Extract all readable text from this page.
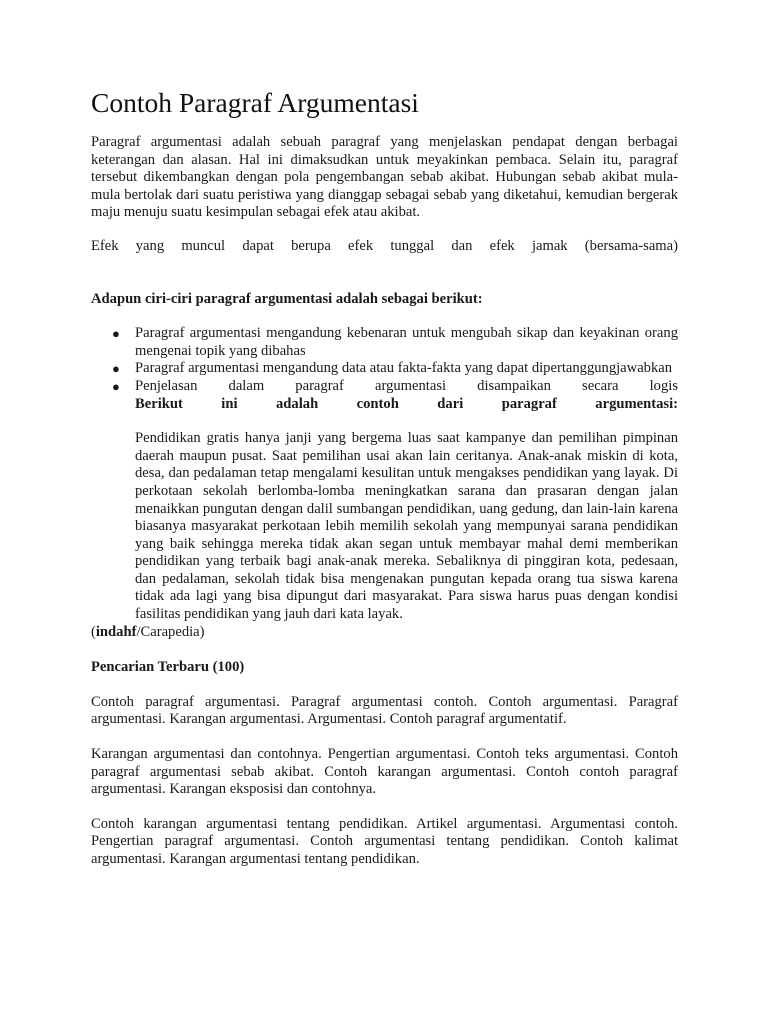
Contoh Paragraf Argumentasi

Paragraf argumentasi adalah sebuah paragraf yang menjelaskan pendapat dengan berbagai keterangan dan alasan. Hal ini dimaksudkan untuk meyakinkan pembaca. Selain itu, paragraf tersebut dikembangkan dengan pola pengembangan sebab akibat. Hubungan sebab akibat mula-mula bertolak dari suatu peristiwa yang dianggap sebagai sebab yang diketahui, kemudian bergerak maju menuju suatu kesimpulan sebagai efek atau akibat.

Efek yang muncul dapat berupa efek tunggal dan efek jamak (bersama-sama)

Adapun ciri-ciri paragraf argumentasi adalah sebagai berikut:

● Paragraf argumentasi mengandung kebenaran untuk mengubah sikap dan keyakinan orang mengenai topik yang dibahas
● Paragraf argumentasi mengandung data atau fakta-fakta yang dapat dipertanggungjawabkan
● Penjelasan dalam paragraf argumentasi disampaikan secara logis
Berikut ini adalah contoh dari paragraf argumentasi:

Pendidikan gratis hanya janji yang bergema luas saat kampanye dan pemilihan pimpinan daerah maupun pusat. Saat pemilihan usai akan lain ceritanya. Anak-anak miskin di kota, desa, dan pedalaman tetap mengalami kesulitan untuk mengakses pendidikan yang layak. Di perkotaan sekolah berlomba-lomba meningkatkan sarana dan prasaran dengan jalan menaikkan pungutan dengan dalil sumbangan pendidikan, uang gedung, dan lain-lain karena biasanya masyarakat perkotaan lebih memilih sekolah yang mempunyai sarana pendidikan yang baik sehingga mereka tidak akan segan untuk membayar mahal demi memberikan pendidikan yang terbaik bagi anak-anak mereka. Sebaliknya di pinggiran kota, pedesaan, dan pedalaman, sekolah tidak bisa mengenakan pungutan kepada orang tua siswa karena tidak ada lagi yang bisa dipungut dari masyarakat. Para siswa harus puas dengan kondisi fasilitas pendidikan yang jauh dari kata layak.

(indahf/Carapedia)

Pencarian Terbaru (100)

Contoh paragraf argumentasi. Paragraf argumentasi contoh. Contoh argumentasi. Paragraf argumentasi. Karangan argumentasi. Argumentasi. Contoh paragraf argumentatif.

Karangan argumentasi dan contohnya. Pengertian argumentasi. Contoh teks argumentasi. Contoh paragraf argumentasi sebab akibat. Contoh karangan argumentasi. Contoh contoh paragraf argumentasi. Karangan eksposisi dan contohnya.

Contoh karangan argumentasi tentang pendidikan. Artikel argumentasi. Argumentasi contoh. Pengertian paragraf argumentasi. Contoh argumentasi tentang pendidikan. Contoh kalimat argumentasi. Karangan argumentasi tentang pendidikan.
